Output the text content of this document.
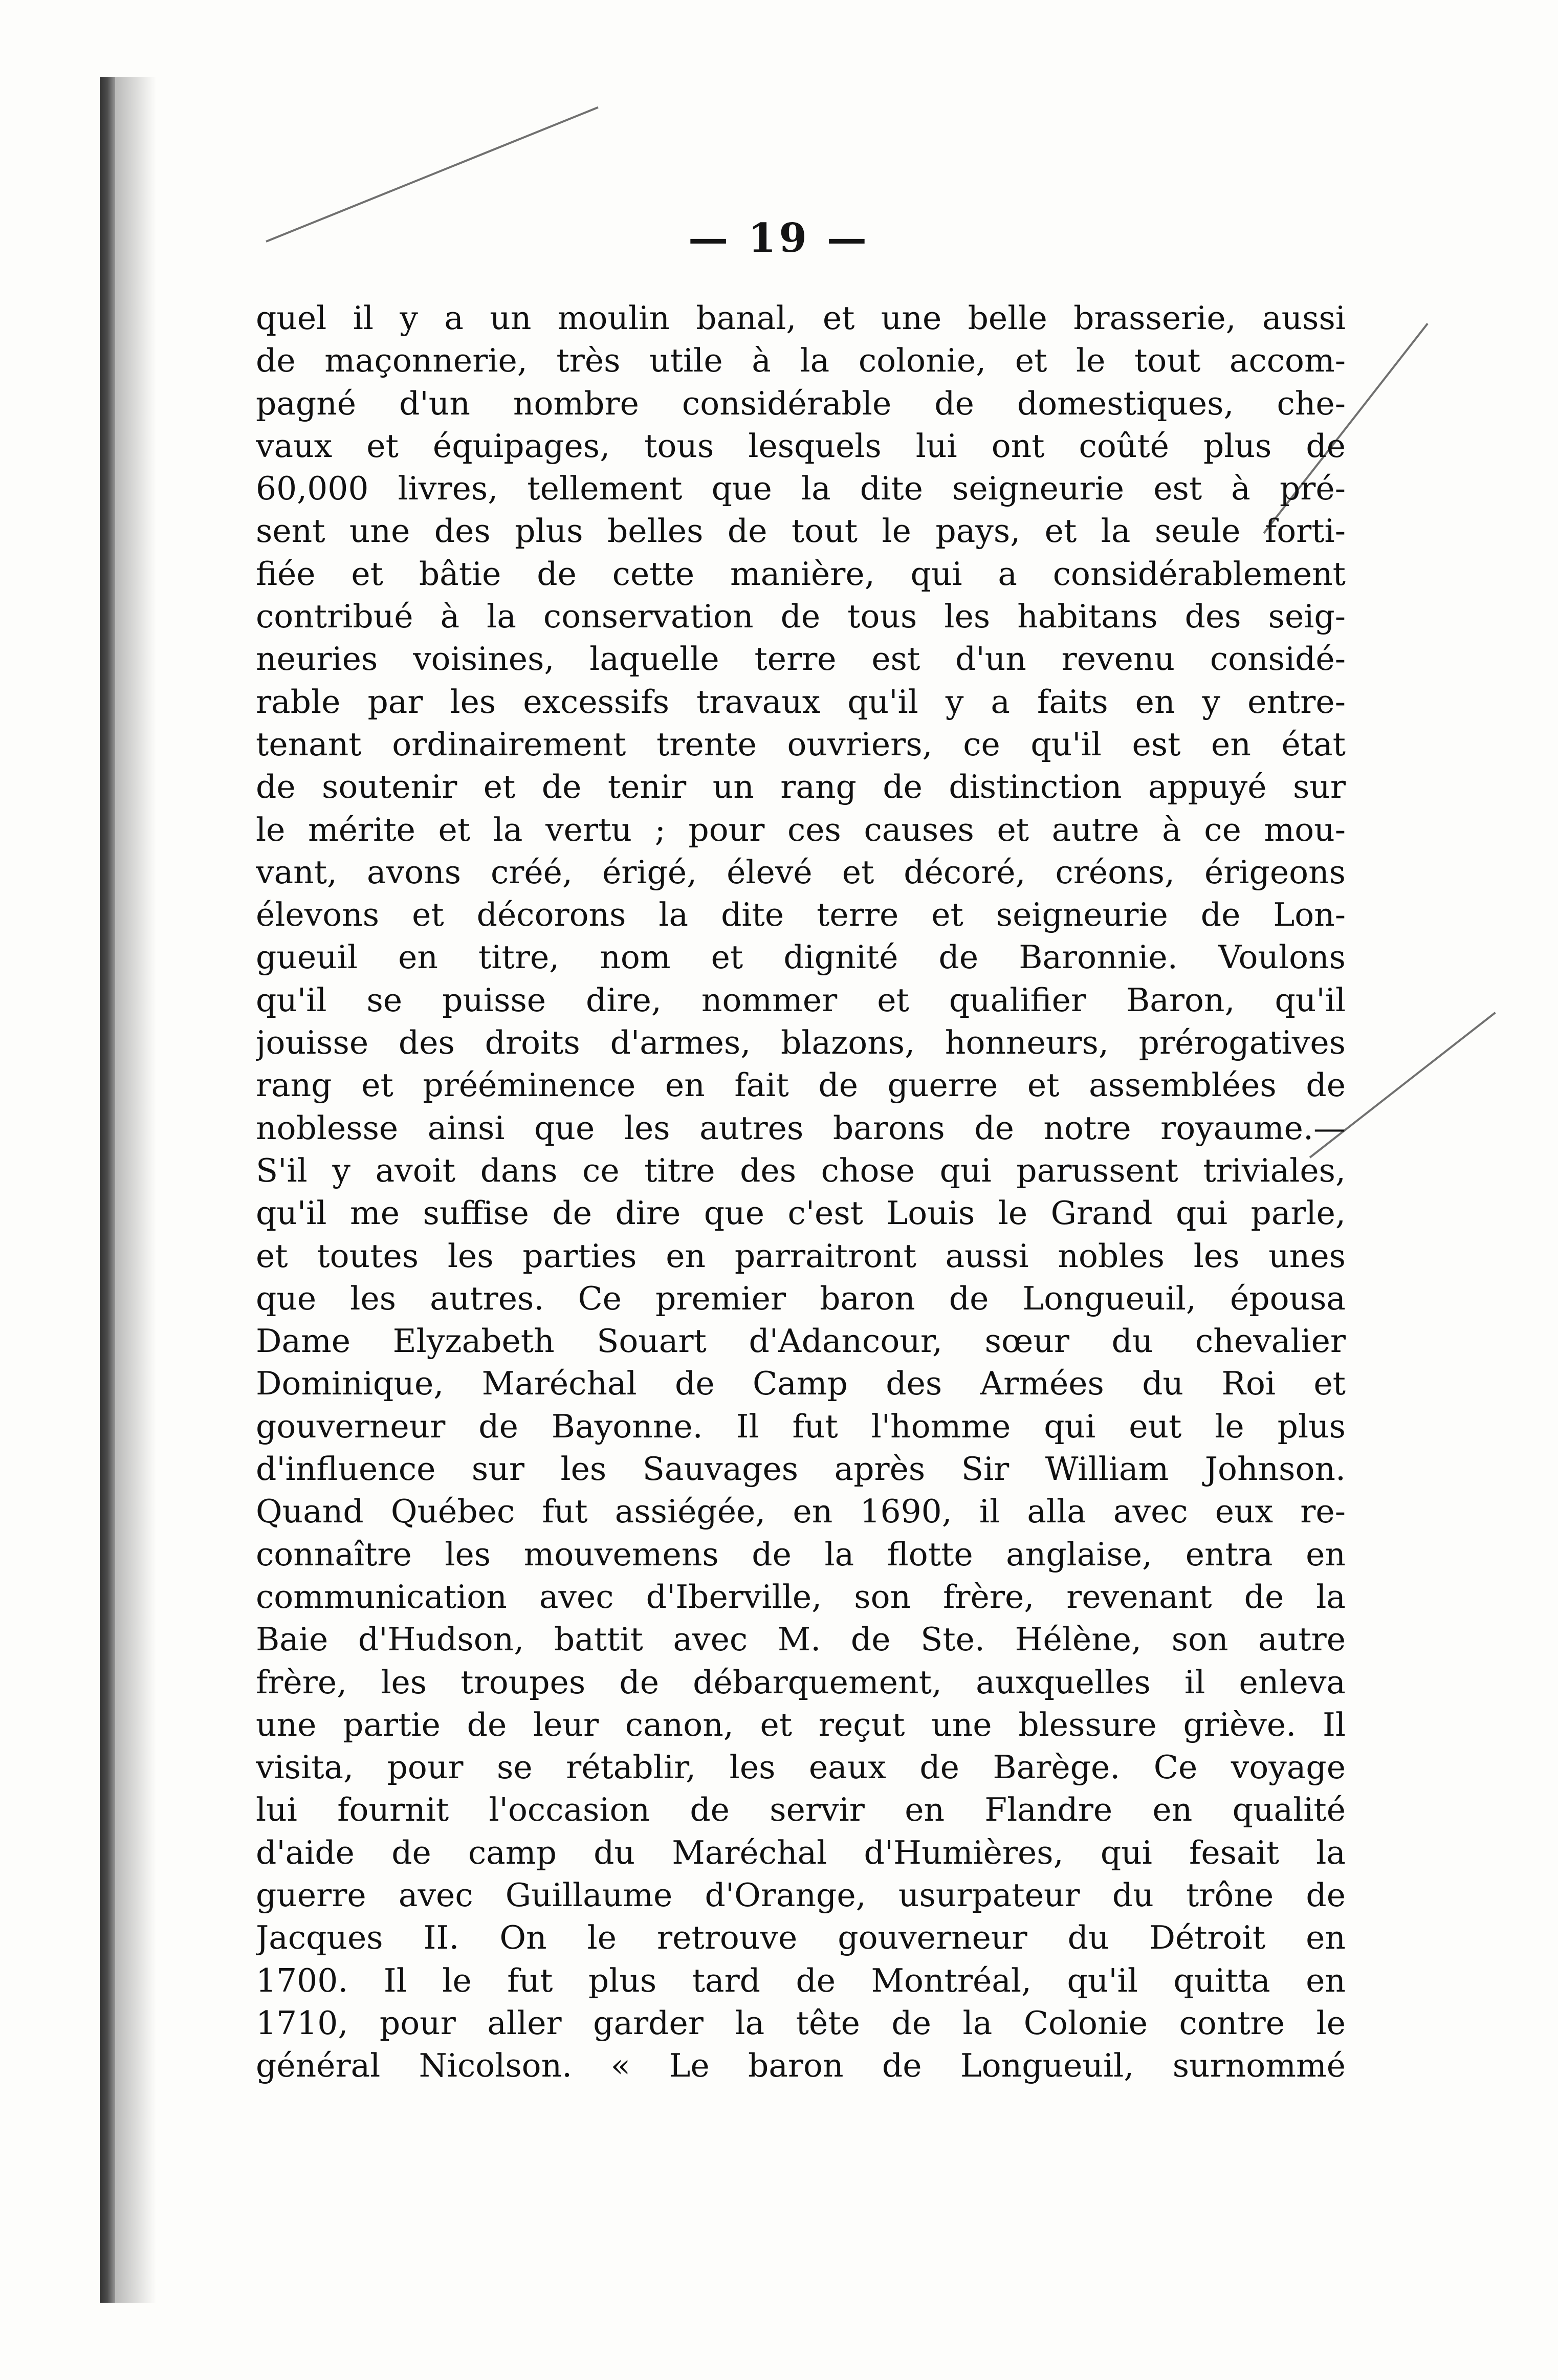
— 19 —
quel il y a un moulin banal, et une belle brasserie, aussi
de maçonnerie, très utile à la colonie, et le tout accom-
pagné d'un nombre considérable de domestiques, che-
vaux et équipages, tous lesquels lui ont coûté plus de
60,000 livres, tellement que la dite seigneurie est à pré-
sent une des plus belles de tout le pays, et la seule forti-
fiée et bâtie de cette manière, qui a considérablement
contribué à la conservation de tous les habitans des seig-
neuries voisines, laquelle terre est d'un revenu considé-
rable par les excessifs travaux qu'il y a faits en y entre-
tenant ordinairement trente ouvriers, ce qu'il est en état
de soutenir et de tenir un rang de distinction appuyé sur
le mérite et la vertu ; pour ces causes et autre à ce mou-
vant, avons créé, érigé, élevé et décoré, créons, érigeons
élevons et décorons la dite terre et seigneurie de Lon-
gueuil en titre, nom et dignité de Baronnie. Voulons
qu'il se puisse dire, nommer et qualifier Baron, qu'il
jouisse des droits d'armes, blazons, honneurs, prérogatives
rang et prééminence en fait de guerre et assemblées de
noblesse ainsi que les autres barons de notre royaume.—
S'il y avoit dans ce titre des chose qui parussent triviales,
qu'il me suffise de dire que c'est Louis le Grand qui parle,
et toutes les parties en parraitront aussi nobles les unes
que les autres. Ce premier baron de Longueuil, épousa
Dame Elyzabeth Souart d'Adancour, sœur du chevalier
Dominique, Maréchal de Camp des Armées du Roi et
gouverneur de Bayonne. Il fut l'homme qui eut le plus
d'influence sur les Sauvages après Sir William Johnson.
Quand Québec fut assiégée, en 1690, il alla avec eux re-
connaître les mouvemens de la flotte anglaise, entra en
communication avec d'Iberville, son frère, revenant de la
Baie d'Hudson, battit avec M. de Ste. Hélène, son autre
frère, les troupes de débarquement, auxquelles il enleva
une partie de leur canon, et reçut une blessure griève. Il
visita, pour se rétablir, les eaux de Barège. Ce voyage
lui fournit l'occasion de servir en Flandre en qualité
d'aide de camp du Maréchal d'Humières, qui fesait la
guerre avec Guillaume d'Orange, usurpateur du trône de
Jacques II. On le retrouve gouverneur du Détroit en
1700. Il le fut plus tard de Montréal, qu'il quitta en
1710, pour aller garder la tête de la Colonie contre le
général Nicolson. « Le baron de Longueuil, surnommé
